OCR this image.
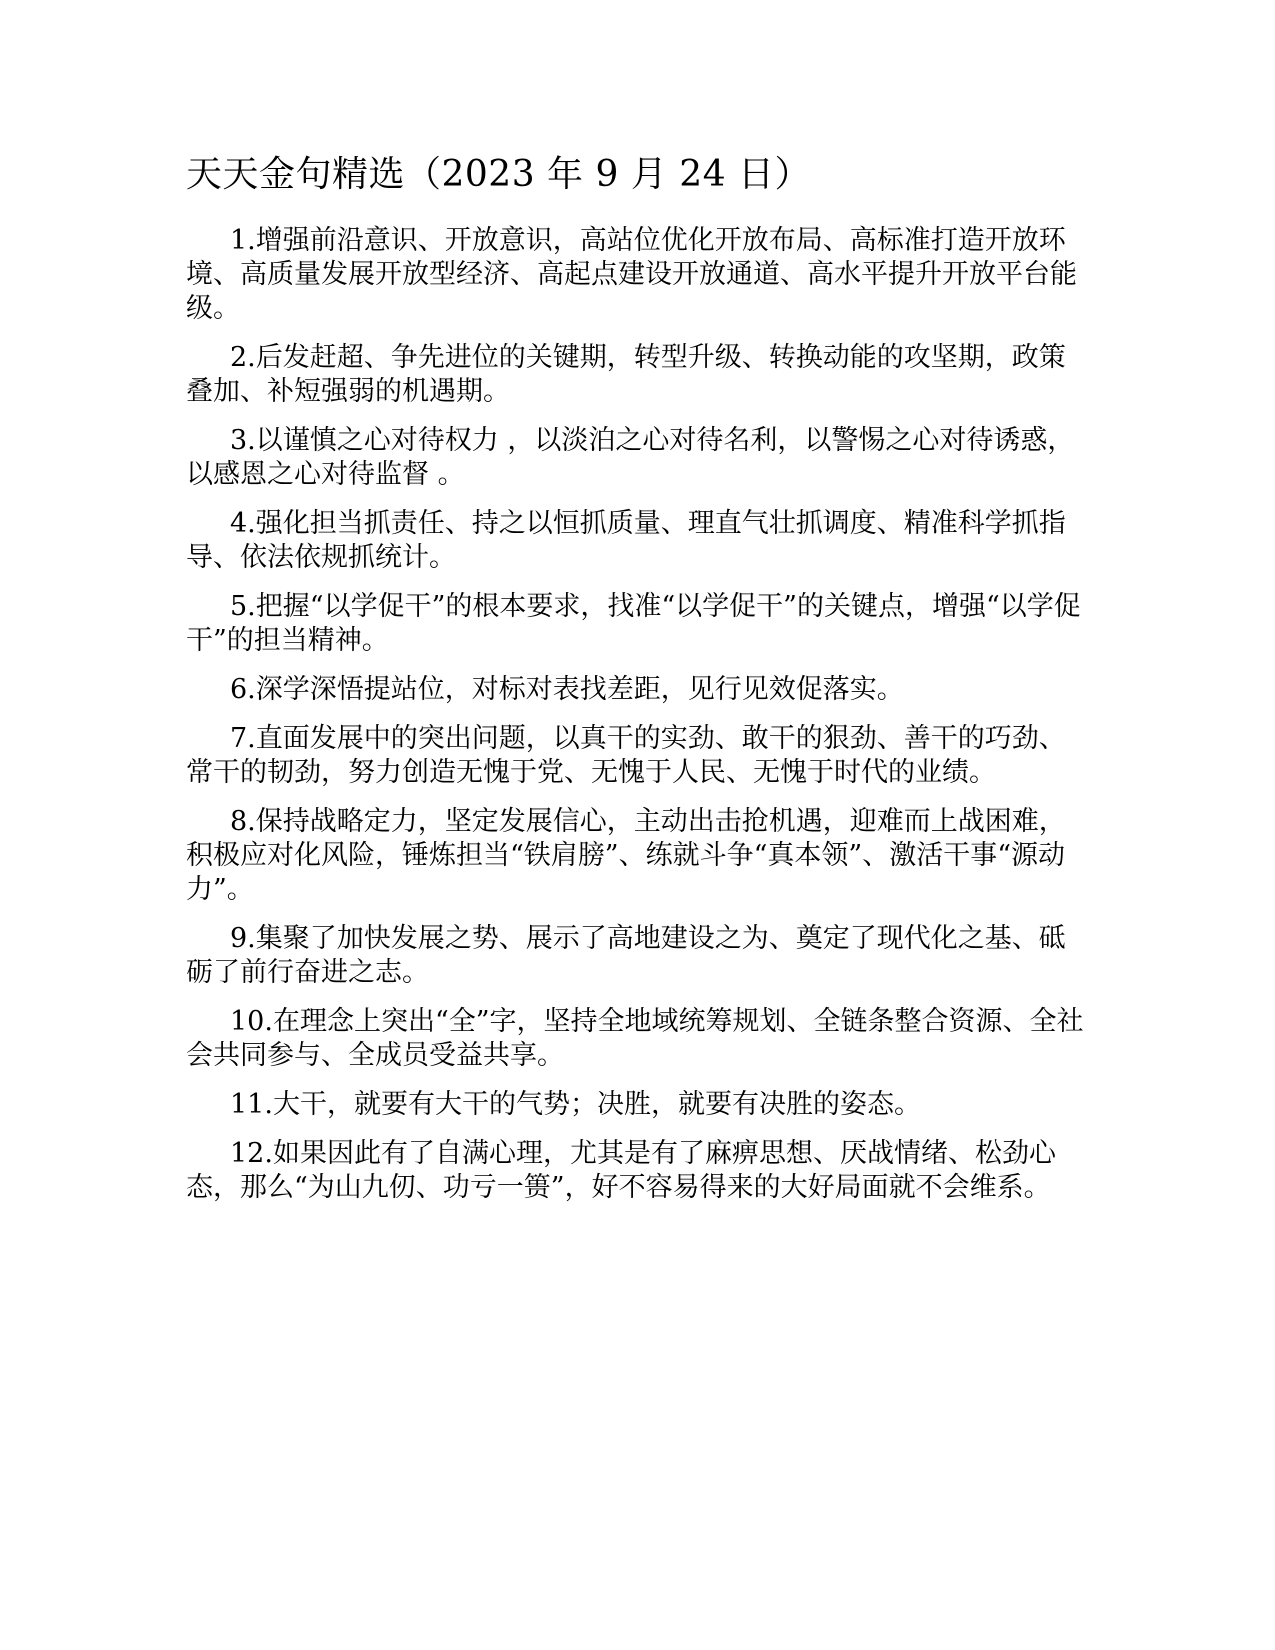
天天金句精选（2023 年 9 月 24 日）

1.增强前沿意识、开放意识，高站位优化开放布局、高标准打造开放环境、高质量发展开放型经济、高起点建设开放通道、高水平提升开放平台能级。

2.后发赶超、争先进位的关键期，转型升级、转换动能的攻坚期，政策叠加、补短强弱的机遇期。

3.以谨慎之心对待权力 ，以淡泊之心对待名利，以警惕之心对待诱惑，以感恩之心对待监督 。

4.强化担当抓责任、持之以恒抓质量、理直气壮抓调度、精准科学抓指导、依法依规抓统计。

5.把握“以学促干”的根本要求，找准“以学促干”的关键点，增强“以学促干”的担当精神。

6.深学深悟提站位，对标对表找差距，见行见效促落实。

7.直面发展中的突出问题，以真干的实劲、敢干的狠劲、善干的巧劲、常干的韧劲，努力创造无愧于党、无愧于人民、无愧于时代的业绩。

8.保持战略定力，坚定发展信心，主动出击抢机遇，迎难而上战困难，积极应对化风险，锤炼担当“铁肩膀”、练就斗争“真本领”、激活干事“源动力”。

9.集聚了加快发展之势、展示了高地建设之为、奠定了现代化之基、砥砺了前行奋进之志。

10.在理念上突出“全”字，坚持全地域统筹规划、全链条整合资源、全社会共同参与、全成员受益共享。

11.大干，就要有大干的气势；决胜，就要有决胜的姿态。

12.如果因此有了自满心理，尤其是有了麻痹思想、厌战情绪、松劲心态，那么“为山九仞、功亏一篑”，好不容易得来的大好局面就不会维系。
